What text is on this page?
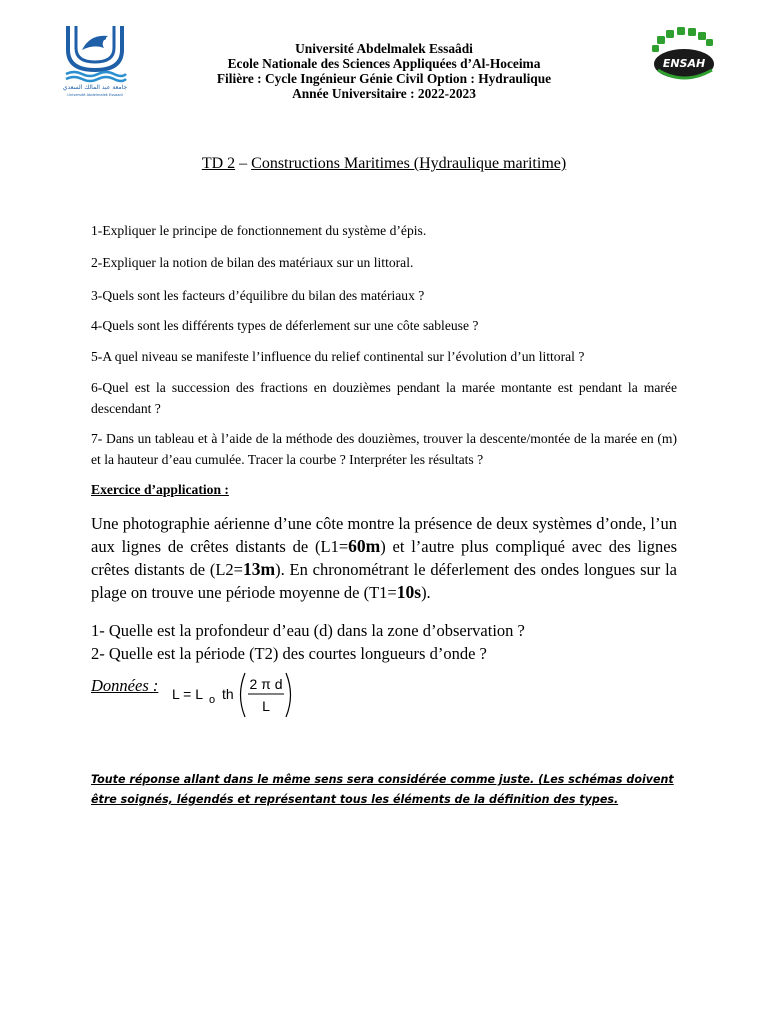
جامعة عبد المالك السعدي
Université Abdelmalek Essaadi
Université Abdelmalek Essaâdi
Ecole Nationale des Sciences Appliquées d’Al-Hoceima
Filière : Cycle Ingénieur Génie Civil Option : Hydraulique
Année Universitaire : 2022-2023
ENSAH
TD 2 – Constructions Maritimes (Hydraulique maritime)

1-Expliquer le principe de fonctionnement du système d’épis.

2-Expliquer la notion de bilan des matériaux sur un littoral.

3-Quels sont les facteurs d’équilibre du bilan des matériaux ?

4-Quels sont les différents types de déferlement sur une côte sableuse ?

5-A quel niveau se manifeste l’influence du relief continental sur l’évolution d’un littoral ?

6-Quel est la succession des fractions en douzièmes pendant la marée montante est pendant la marée descendant ?

7- Dans un tableau et à l’aide de la méthode des douzièmes, trouver la descente/montée de la marée en (m) et la hauteur d’eau cumulée. Tracer la courbe ? Interpréter les résultats ?

Exercice d’application :

Une photographie aérienne d’une côte montre la présence de deux systèmes d’onde, l’un aux lignes de crêtes distants de (L1=60m) et l’autre plus compliqué avec des lignes crêtes distants de (L2=13m). En chronométrant le déferlement des ondes longues sur la plage on trouve une période moyenne de (T1=10s).

1- Quelle est la profondeur d’eau (d) dans la zone d’observation ?
2- Quelle est la période (T2) des courtes longueurs d’onde ?
Données : L = L o th
2 π d
L

Toute réponse allant dans le même sens sera considérée comme juste. (Les schémas doivent être soignés, légendés et représentant tous les éléments de la définition des types.
